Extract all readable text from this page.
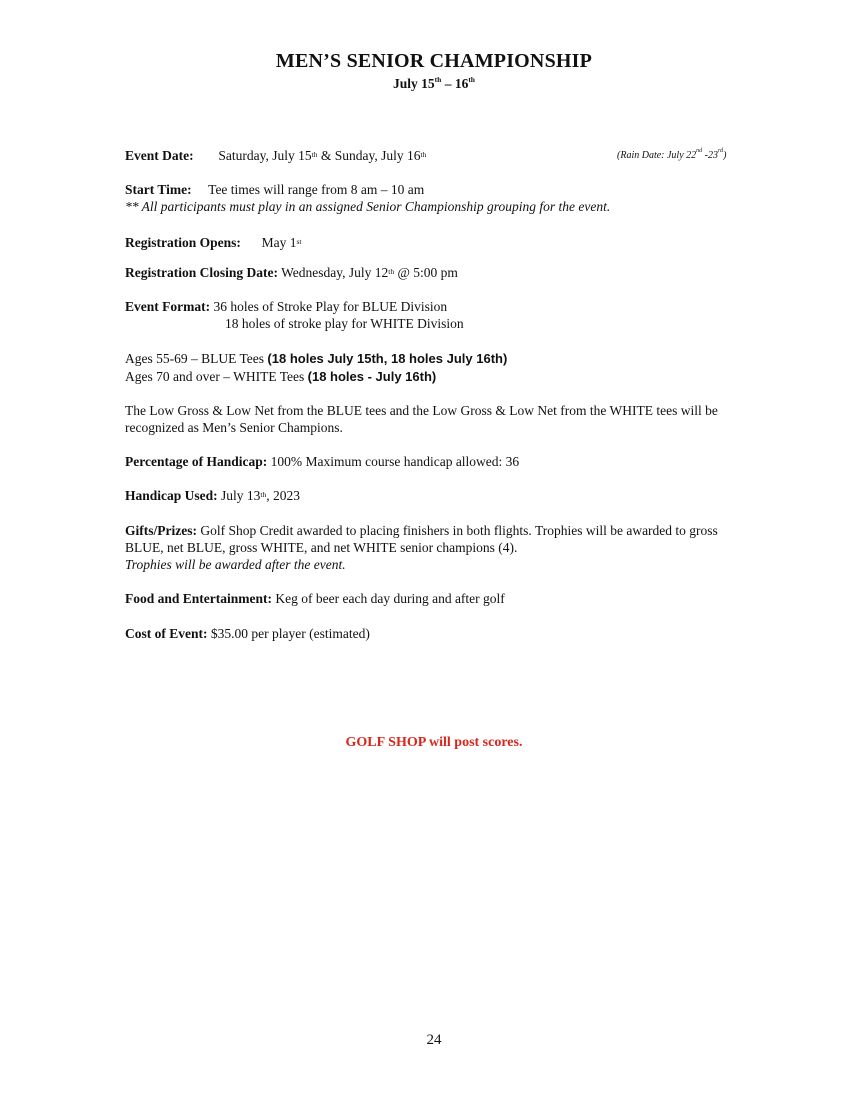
MEN’S SENIOR CHAMPIONSHIP
July 15th – 16th
Event Date: Saturday, July 15th & Sunday, July 16th	(Rain Date: July 22nd -23rd)
Start Time: Tee times will range from 8 am – 10 am
** All participants must play in an assigned Senior Championship grouping for the event.
Registration Opens: May 1st
Registration Closing Date: Wednesday, July 12th @ 5:00 pm
Event Format: 36 holes of Stroke Play for BLUE Division
18 holes of stroke play for WHITE Division
Ages 55-69 – BLUE Tees (18 holes July 15th, 18 holes July 16th)
Ages 70 and over – WHITE Tees (18 holes - July 16th)
The Low Gross & Low Net from the BLUE tees and the Low Gross & Low Net from the WHITE tees will be recognized as Men’s Senior Champions.
Percentage of Handicap: 100% Maximum course handicap allowed: 36
Handicap Used: July 13th, 2023
Gifts/Prizes: Golf Shop Credit awarded to placing finishers in both flights. Trophies will be awarded to gross BLUE, net BLUE, gross WHITE, and net WHITE senior champions (4).
Trophies will be awarded after the event.
Food and Entertainment: Keg of beer each day during and after golf
Cost of Event: $35.00 per player (estimated)
GOLF SHOP will post scores.
24
